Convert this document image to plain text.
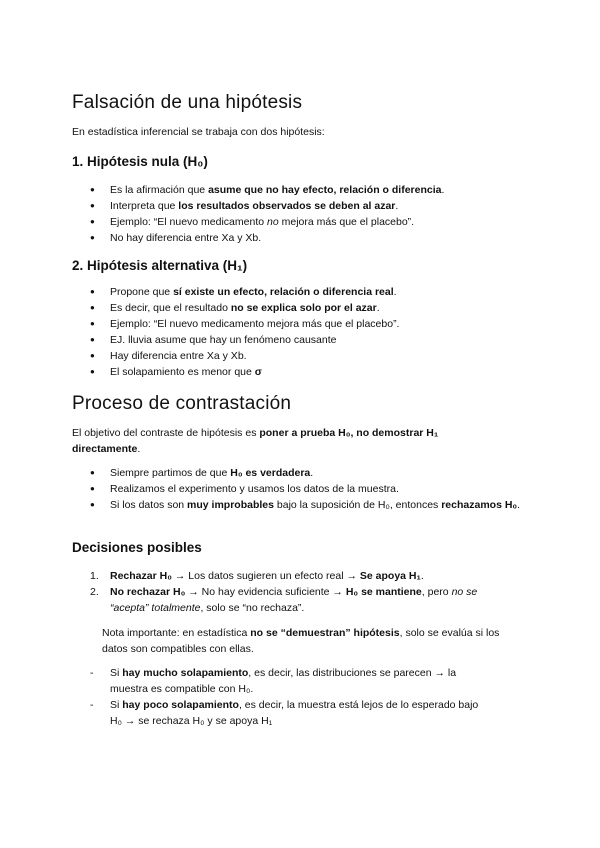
Falsación de una hipótesis

En estadística inferencial se trabaja con dos hipótesis:

1. Hipótesis nula (H₀)
● Es la afirmación que asume que no hay efecto, relación o diferencia.
● Interpreta que los resultados observados se deben al azar.
● Ejemplo: “El nuevo medicamento no mejora más que el placebo”.
● No hay diferencia entre Xa y Xb.
2. Hipótesis alternativa (H₁)
● Propone que sí existe un efecto, relación o diferencia real.
● Es decir, que el resultado no se explica solo por el azar.
● Ejemplo: “El nuevo medicamento mejora más que el placebo”.
● EJ. lluvia asume que hay un fenómeno causante
● Hay diferencia entre Xa y Xb.
● El solapamiento es menor que σ
Proceso de contrastación

El objetivo del contraste de hipótesis es poner a prueba H₀, no demostrar H₁ directamente.

● Siempre partimos de que H₀ es verdadera.
● Realizamos el experimento y usamos los datos de la muestra.
● Si los datos son muy improbables bajo la suposición de H₀, entonces rechazamos H₀.
Decisiones posibles
1. Rechazar H₀ → Los datos sugieren un efecto real → Se apoya H₁.
2. No rechazar H₀ → No hay evidencia suficiente → H₀ se mantiene, pero no se “acepta” totalmente, solo se “no rechaza”.

Nota importante: en estadística no se “demuestran” hipótesis, solo se evalúa si los datos son compatibles con ellas.

- Si hay mucho solapamiento, es decir, las distribuciones se parecen → la muestra es compatible con H₀.
- Si hay poco solapamiento, es decir, la muestra está lejos de lo esperado bajo H₀ → se rechaza H₀ y se apoya H₁
